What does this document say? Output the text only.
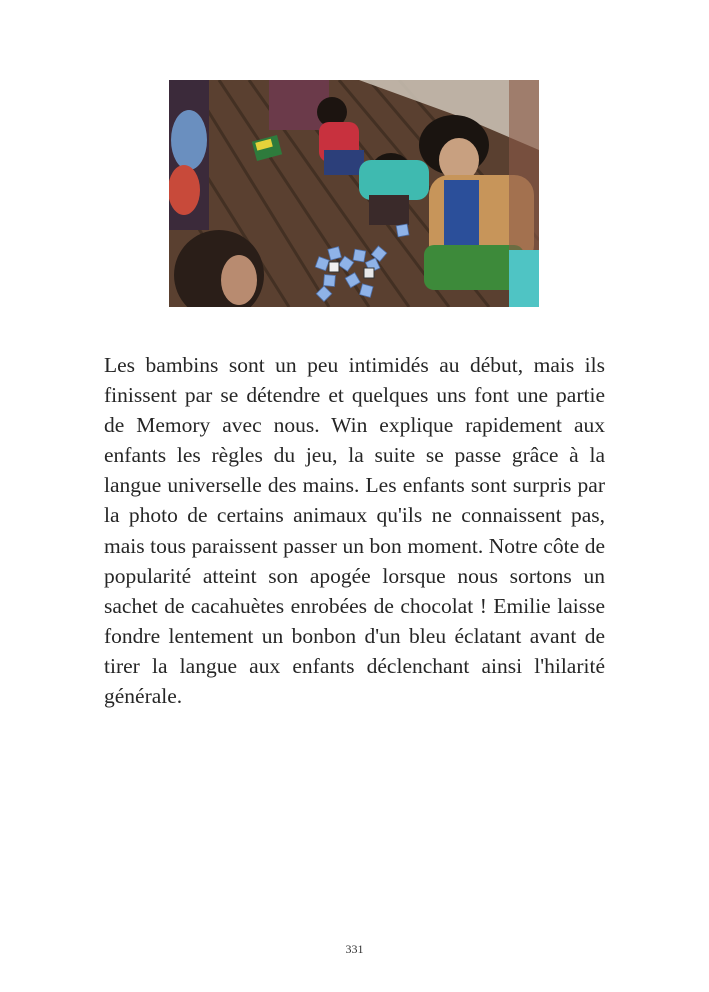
Les bambins sont un peu intimidés au début, mais ils finissent par se détendre et quelques uns font une partie de Memory avec nous. Win explique rapidement aux enfants les règles du jeu, la suite se passe grâce à la langue universelle des mains. Les enfants sont surpris par la photo de certains animaux qu'ils ne connaissent pas, mais tous paraissent passer un bon moment. Notre côte de popularité atteint son apogée lorsque nous sortons un sachet de cacahuètes enrobées de chocolat ! Emilie laisse fondre lentement un bonbon d'un bleu éclatant avant de tirer la langue aux enfants déclenchant ainsi l'hilarité générale.

331
